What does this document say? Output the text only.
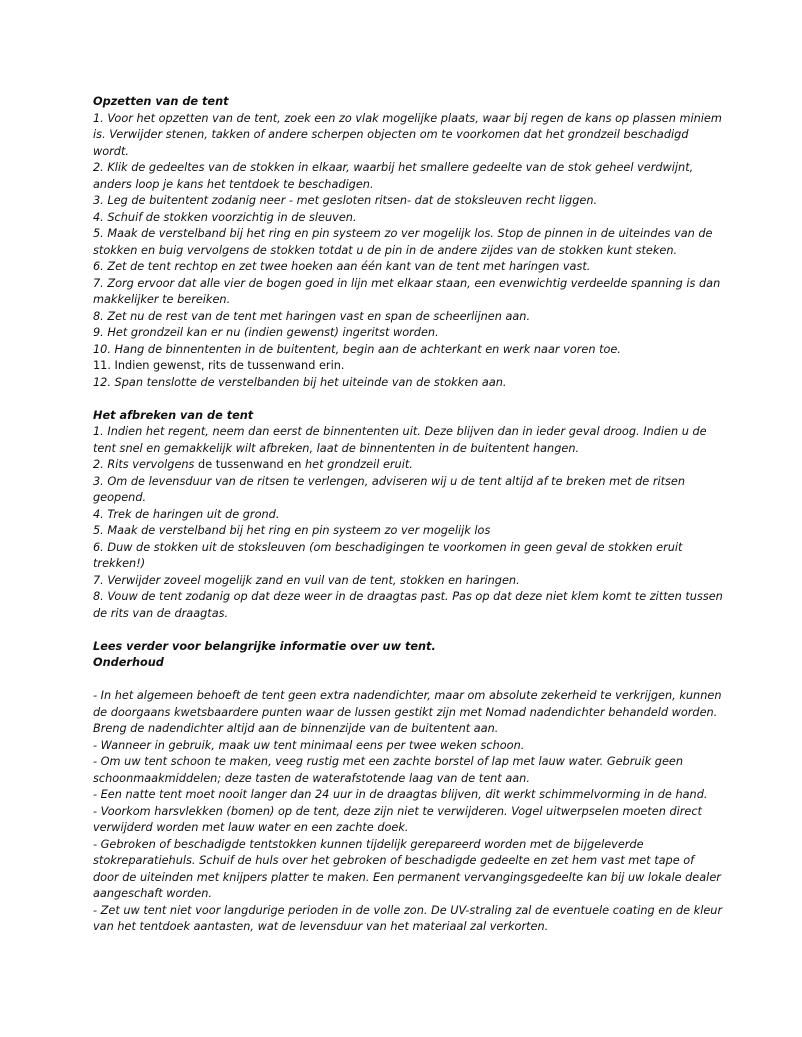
Opzetten van de tent
1. Voor het opzetten van de tent, zoek een zo vlak mogelijke plaats, waar bij regen de kans op plassen miniem is. Verwijder stenen, takken of andere scherpen objecten om te voorkomen dat het grondzeil beschadigd wordt.
2. Klik de gedeeltes van de stokken in elkaar, waarbij het smallere gedeelte van de stok geheel verdwijnt, anders loop je kans het tentdoek te beschadigen.
3. Leg de buitentent zodanig neer - met gesloten ritsen- dat de stoksleuven recht liggen.
4. Schuif de stokken voorzichtig in de sleuven.
5. Maak de verstelband bij het ring en pin systeem zo ver mogelijk los. Stop de pinnen in de uiteindes van de stokken en buig vervolgens de stokken totdat u de pin in de andere zijdes van de stokken kunt steken.
6. Zet de tent rechtop en zet twee hoeken aan één kant van de tent met haringen vast.
7. Zorg ervoor dat alle vier de bogen goed in lijn met elkaar staan, een evenwichtig verdeelde spanning is dan makkelijker te bereiken.
8. Zet nu de rest van de tent met haringen vast en span de scheerlijnen aan.
9. Het grondzeil kan er nu (indien gewenst) ingeritst worden.
10. Hang de binnententen in de buitentent, begin aan de achterkant en werk naar voren toe.
11. Indien gewenst, rits de tussenwand erin.
12. Span tenslotte de verstelbanden bij het uiteinde van de stokken aan.
Het afbreken van de tent
1. Indien het regent, neem dan eerst de binnententen uit. Deze blijven dan in ieder geval droog. Indien u de tent snel en gemakkelijk wilt afbreken, laat de binnententen in de buitentent hangen.
2. Rits vervolgens de tussenwand en het grondzeil eruit.
3. Om de levensduur van de ritsen te verlengen, adviseren wij u de tent altijd af te breken met de ritsen geopend.
4. Trek de haringen uit de grond.
5. Maak de verstelband bij het ring en pin systeem zo ver mogelijk los
6. Duw de stokken uit de stoksleuven (om beschadigingen te voorkomen in geen geval de stokken eruit trekken!)
7. Verwijder zoveel mogelijk zand en vuil van de tent, stokken en haringen.
8. Vouw de tent zodanig op dat deze weer in de draagtas past. Pas op dat deze niet klem komt te zitten tussen de rits van de draagtas.
Lees verder voor belangrijke informatie over uw tent.
Onderhoud
- In het algemeen behoeft de tent geen extra nadendichter, maar om absolute zekerheid te verkrijgen, kunnen de doorgaans kwetsbaardere punten waar de lussen gestikt zijn met Nomad nadendichter behandeld worden. Breng de nadendichter altijd aan de binnenzijde van de buitentent aan.
- Wanneer in gebruik, maak uw tent minimaal eens per twee weken schoon.
- Om uw tent schoon te maken, veeg rustig met een zachte borstel of lap met lauw water. Gebruik geen schoonmaakmiddelen; deze tasten de waterafstotende laag van de tent aan.
- Een natte tent moet nooit langer dan 24 uur in de draagtas blijven, dit werkt schimmelvorming in de hand.
- Voorkom harsvlekken (bomen) op de tent, deze zijn niet te verwijderen. Vogel uitwerpselen moeten direct verwijderd worden met lauw water en een zachte doek.
- Gebroken of beschadigde tentstokken kunnen tijdelijk gerepareerd worden met de bijgeleverde stokreparatiehuls. Schuif de huls over het gebroken of beschadigde gedeelte en zet hem vast met tape of door de uiteinden met knijpers platter te maken. Een permanent vervangingsgedeelte kan bij uw lokale dealer aangeschaft worden.
- Zet uw tent niet voor langdurige perioden in de volle zon. De UV-straling zal de eventuele coating en de kleur van het tentdoek aantasten, wat de levensduur van het materiaal zal verkorten.
